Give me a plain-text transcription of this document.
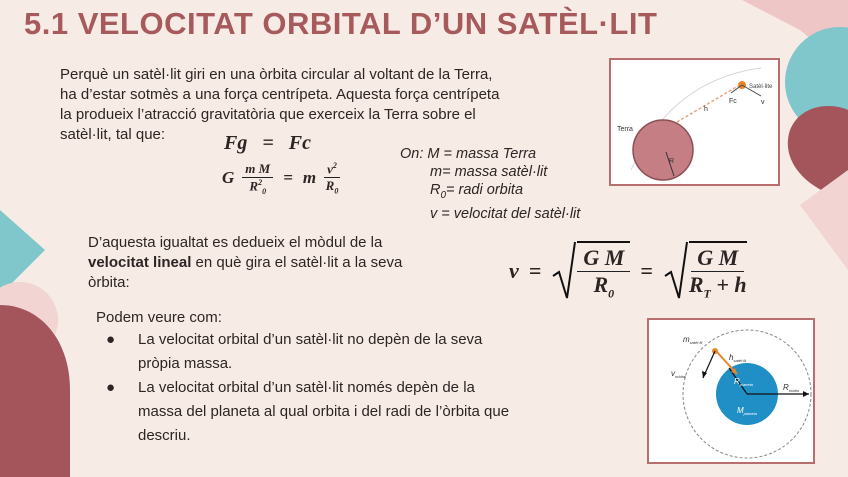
5.1 VELOCITAT ORBITAL D’UN SATÈL·LIT
Perquè un satèl·lit giri en una òrbita circular al voltant de la Terra,
ha d’estar sotmès a una força centrípeta. Aquesta força centrípeta
la produeix l’atracció gravitatòria que exerceix la Terra sobre el
satèl·lit, tal que:	Fg = Fc
G $\frac{\text{m M}}{R^2_0} = m \frac{v^2}{R_0}$
On: M = massa Terra
m= massa satèl·lit
$R_0=$ radi orbita
v = velocitat del satèl·lit
Satèl·lite
Terra
h
Fc	v
R
D’aquesta igualtat es dedueix el mòdul de la
velocitat lineal en què gira el satèl·lit a la seva
òrbita:	$v = \frac{\text{G M}}{R_0} = \frac{\text{G M}}{R_T + h}$
Podem veure com:
●	La velocitat orbital d’un satèl·lit no depèn de la seva
pròpia massa.
●	La velocitat orbital d’un satèl·lit només depèn de la
massa del planeta al qual orbita i del radi de l’òrbita que
descriu.
$m_{satèl\cdot lit}$
$h_{satèl\cdot lit}$
$v_{orbital}$
$R_{planeta}$	$R_{òrbita}$
$M_{planeta}$
